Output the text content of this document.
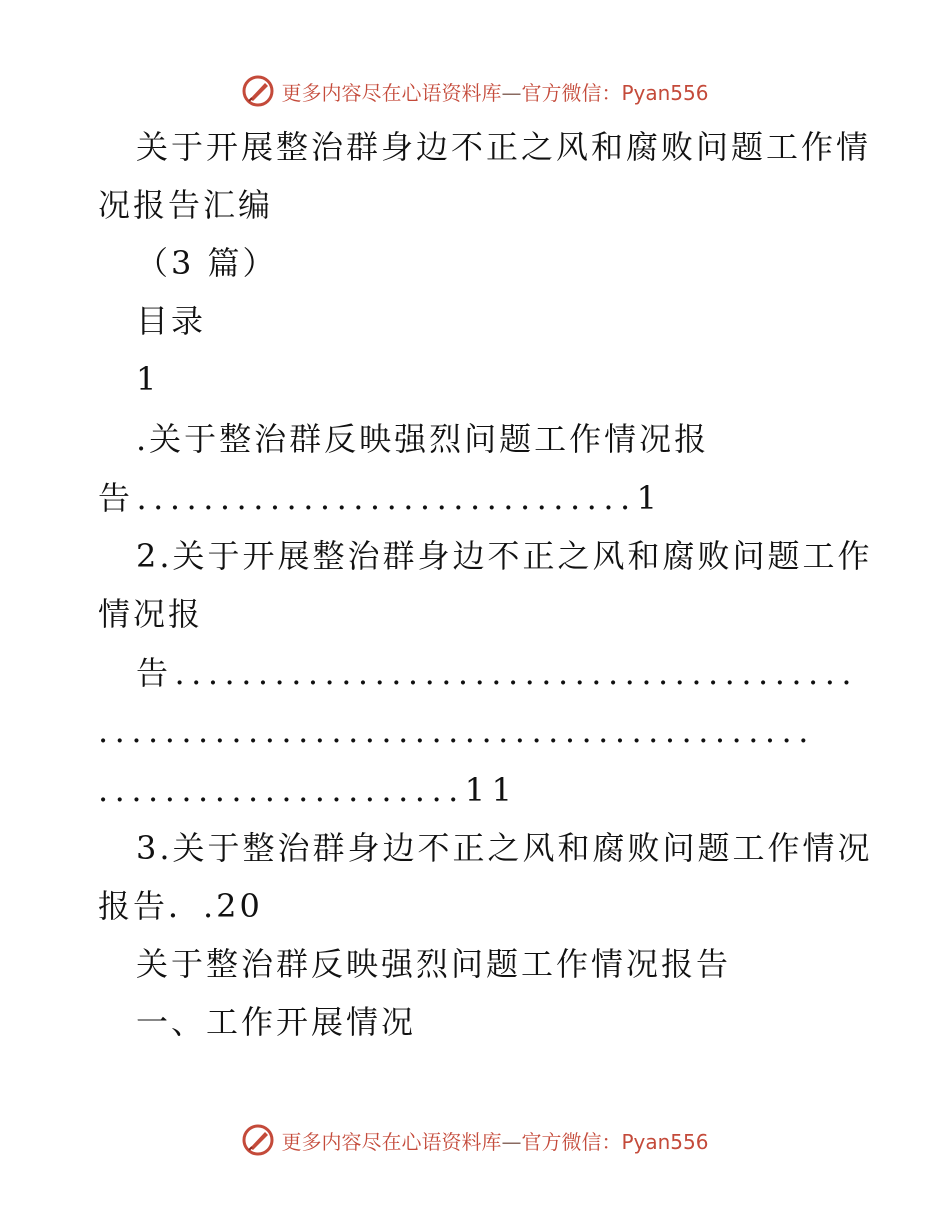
更多内容尽在心语资料库—官方微信：Pyan556
关于开展整治群身边不正之风和腐败问题工作情
况报告汇编
（3 篇）
目录
1
.关于整治群反映强烈问题工作情况报
告..............................1
2.关于开展整治群身边不正之风和腐败问题工作
情况报
告.........................................
...........................................
......................11
3.关于整治群身边不正之风和腐败问题工作情况
报告．.20
关于整治群反映强烈问题工作情况报告
一、工作开展情况
更多内容尽在心语资料库—官方微信：Pyan556
